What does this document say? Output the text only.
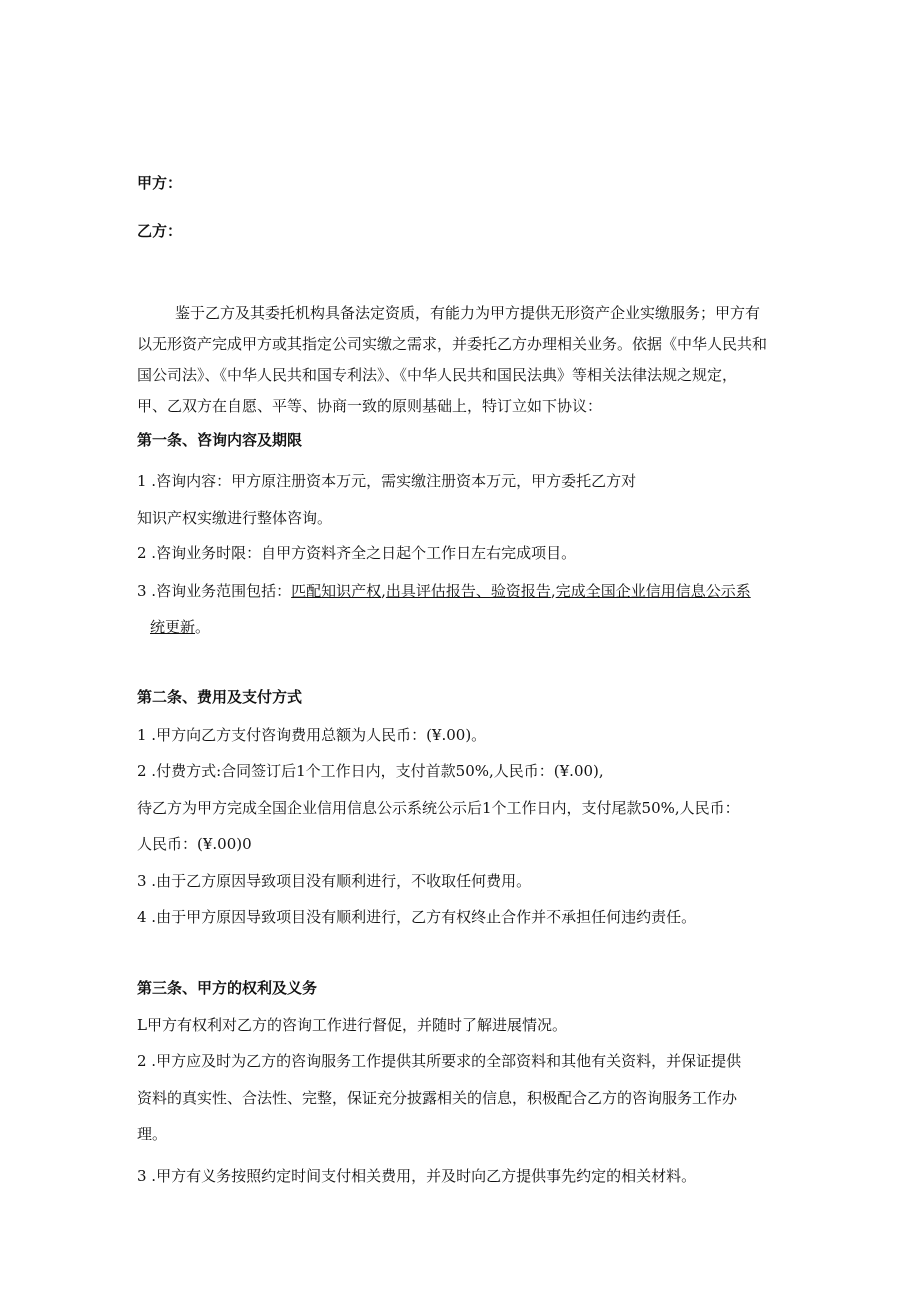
甲方：
乙方：
鉴于乙方及其委托机构具备法定资质，有能力为甲方提供无形资产企业实缴服务；甲方有
以无形资产完成甲方或其指定公司实缴之需求，并委托乙方办理相关业务。依据《中华人民共和
国公司法》、《中华人民共和国专利法》、《中华人民共和国民法典》等相关法律法规之规定，
甲、乙双方在自愿、平等、协商一致的原则基础上，特订立如下协议：
第一条、咨询内容及期限
1 .咨询内容：甲方原注册资本万元，需实缴注册资本万元，甲方委托乙方对
知识产权实缴进行整体咨询。
2 .咨询业务时限：自甲方资料齐全之日起个工作日左右完成项目。
3 .咨询业务范围包括：匹配知识产权,出具评估报告、验资报告,完成全国企业信用信息公示系
统更新。
第二条、费用及支付方式
1 .甲方向乙方支付咨询费用总额为人民币：(¥.00)。
2 .付费方式:合同签订后1个工作日内，支付首款50%,人民币：(¥.00),
待乙方为甲方完成全国企业信用信息公示系统公示后1个工作日内，支付尾款50%,人民币：
人民币：(¥.00)0
3 .由于乙方原因导致项目没有顺利进行，不收取任何费用。
4 .由于甲方原因导致项目没有顺利进行，乙方有权终止合作并不承担任何违约责任。
第三条、甲方的权利及义务
L甲方有权利对乙方的咨询工作进行督促，并随时了解进展情况。
2 .甲方应及时为乙方的咨询服务工作提供其所要求的全部资料和其他有关资料，并保证提供
资料的真实性、合法性、完整，保证充分披露相关的信息，积极配合乙方的咨询服务工作办
理。
3 .甲方有义务按照约定时间支付相关费用，并及时向乙方提供事先约定的相关材料。
